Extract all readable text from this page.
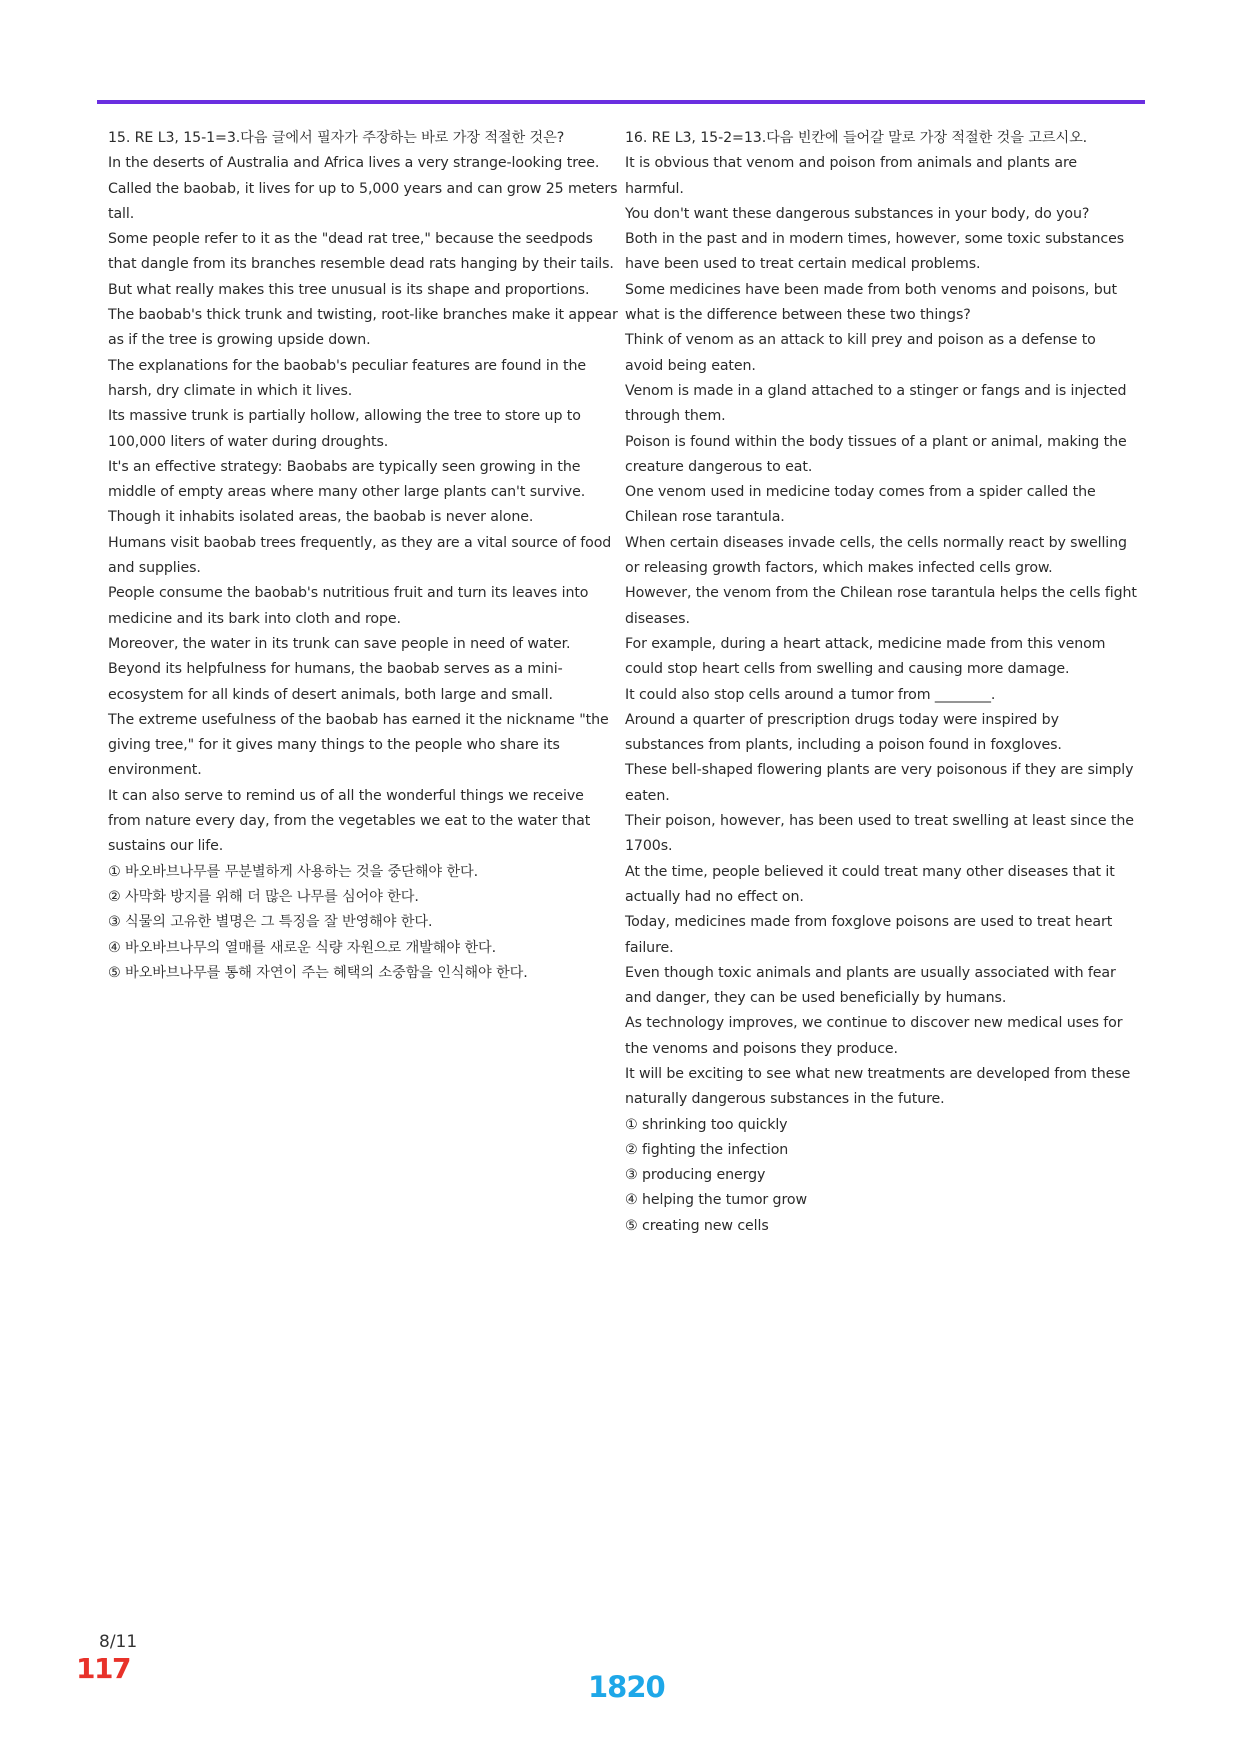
15. RE L3, 15-1=3.다음 글에서 필자가 주장하는 바로 가장 적절한 것은?

In the deserts of Australia and Africa lives a very strange-looking tree.

Called the baobab, it lives for up to 5,000 years and can grow 25 meters tall.

Some people refer to it as the "dead rat tree," because the seedpods that dangle from its branches resemble dead rats hanging by their tails.

But what really makes this tree unusual is its shape and proportions.

The baobab's thick trunk and twisting, root-like branches make it appear as if the tree is growing upside down.

The explanations for the baobab's peculiar features are found in the harsh, dry climate in which it lives.

Its massive trunk is partially hollow, allowing the tree to store up to 100,000 liters of water during droughts.

It's an effective strategy: Baobabs are typically seen growing in the middle of empty areas where many other large plants can't survive.

Though it inhabits isolated areas, the baobab is never alone.

Humans visit baobab trees frequently, as they are a vital source of food and supplies.

People consume the baobab's nutritious fruit and turn its leaves into medicine and its bark into cloth and rope.

Moreover, the water in its trunk can save people in need of water.

Beyond its helpfulness for humans, the baobab serves as a mini-ecosystem for all kinds of desert animals, both large and small.

The extreme usefulness of the baobab has earned it the nickname "the giving tree," for it gives many things to the people who share its environment.

It can also serve to remind us of all the wonderful things we receive from nature every day, from the vegetables we eat to the water that sustains our life.

① 바오바브나무를 무분별하게 사용하는 것을 중단해야 한다.

② 사막화 방지를 위해 더 많은 나무를 심어야 한다.

③ 식물의 고유한 별명은 그 특징을 잘 반영해야 한다.

④ 바오바브나무의 열매를 새로운 식량 자원으로 개발해야 한다.

⑤ 바오바브나무를 통해 자연이 주는 혜택의 소중함을 인식해야 한다.

16. RE L3, 15-2=13.다음 빈칸에 들어갈 말로 가장 적절한 것을 고르시오.

It is obvious that venom and poison from animals and plants are harmful.

You don't want these dangerous substances in your body, do you?

Both in the past and in modern times, however, some toxic substances have been used to treat certain medical problems.

Some medicines have been made from both venoms and poisons, but what is the difference between these two things?

Think of venom as an attack to kill prey and poison as a defense to avoid being eaten.

Venom is made in a gland attached to a stinger or fangs and is injected through them.

Poison is found within the body tissues of a plant or animal, making the creature dangerous to eat.

One venom used in medicine today comes from a spider called the Chilean rose tarantula.

When certain diseases invade cells, the cells normally react by swelling or releasing growth factors, which makes infected cells grow.

However, the venom from the Chilean rose tarantula helps the cells fight diseases.

For example, during a heart attack, medicine made from this venom could stop heart cells from swelling and causing more damage.

It could also stop cells around a tumor from ________.

Around a quarter of prescription drugs today were inspired by substances from plants, including a poison found in foxgloves.

These bell-shaped flowering plants are very poisonous if they are simply eaten.

Their poison, however, has been used to treat swelling at least since the 1700s.

At the time, people believed it could treat many other diseases that it actually had no effect on.

Today, medicines made from foxglove poisons are used to treat heart failure.

Even though toxic animals and plants are usually associated with fear and danger, they can be used beneficially by humans.

As technology improves, we continue to discover new medical uses for the venoms and poisons they produce.

It will be exciting to see what new treatments are developed from these naturally dangerous substances in the future.

① shrinking too quickly

② fighting the infection

③ producing energy

④ helping the tumor grow

⑤ creating new cells

8/11
117
1820
